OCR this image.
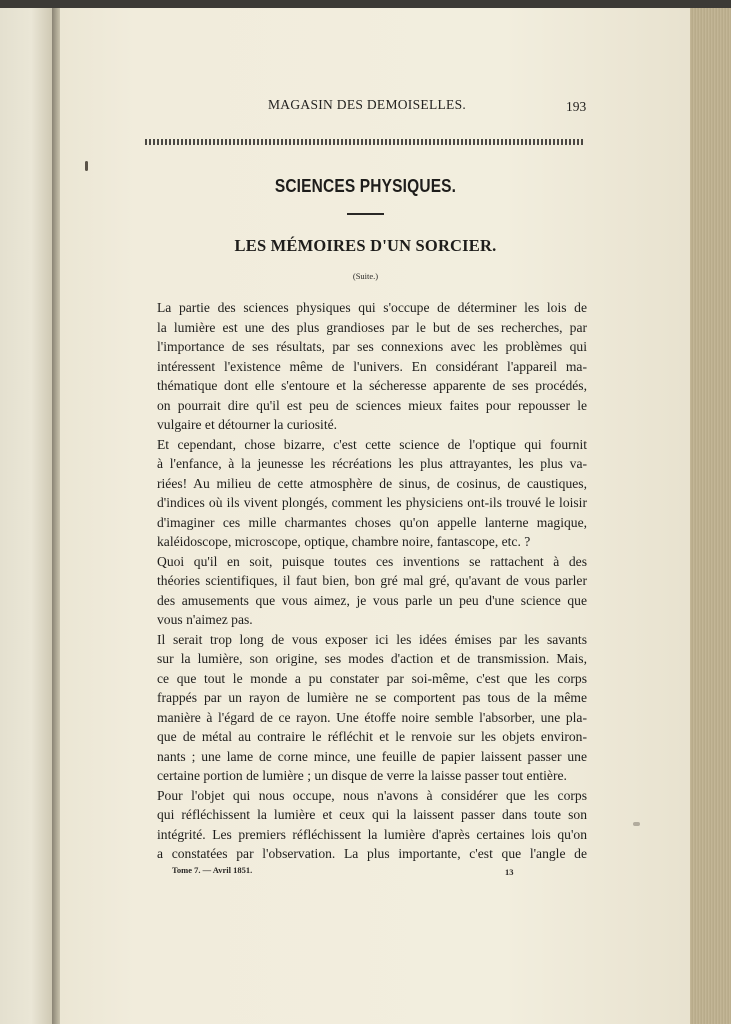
MAGASIN DES DEMOISELLES.	193
SCIENCES PHYSIQUES.
LES MÉMOIRES D'UN SORCIER.
(Suite.)

La partie des sciences physiques qui s'occupe de déterminer les lois de
la lumière est une des plus grandioses par le but de ses recherches, par
l'importance de ses résultats, par ses connexions avec les problèmes qui
intéressent l'existence même de l'univers. En considérant l'appareil ma-
thématique dont elle s'entoure et la sécheresse apparente de ses procédés,
on pourrait dire qu'il est peu de sciences mieux faites pour repousser le
vulgaire et détourner la curiosité.

Et cependant, chose bizarre, c'est cette science de l'optique qui fournit
à l'enfance, à la jeunesse les récréations les plus attrayantes, les plus va-
riées! Au milieu de cette atmosphère de sinus, de cosinus, de caustiques,
d'indices où ils vivent plongés, comment les physiciens ont-ils trouvé le loisir
d'imaginer ces mille charmantes choses qu'on appelle lanterne magique,
kaléidoscope, microscope, optique, chambre noire, fantascope, etc. ?

Quoi qu'il en soit, puisque toutes ces inventions se rattachent à des
théories scientifiques, il faut bien, bon gré mal gré, qu'avant de vous parler
des amusements que vous aimez, je vous parle un peu d'une science que
vous n'aimez pas.

Il serait trop long de vous exposer ici les idées émises par les savants
sur la lumière, son origine, ses modes d'action et de transmission. Mais,
ce que tout le monde a pu constater par soi-même, c'est que les corps
frappés par un rayon de lumière ne se comportent pas tous de la même
manière à l'égard de ce rayon. Une étoffe noire semble l'absorber, une pla-
que de métal au contraire le réfléchit et le renvoie sur les objets environ-
nants ; une lame de corne mince, une feuille de papier laissent passer une
certaine portion de lumière ; un disque de verre la laisse passer tout entière.

Pour l'objet qui nous occupe, nous n'avons à considérer que les corps
qui réfléchissent la lumière et ceux qui la laissent passer dans toute son
intégrité. Les premiers réfléchissent la lumière d'après certaines lois qu'on
a constatées par l'observation. La plus importante, c'est que l'angle de

Tome 7. — Avril 1851.	13
